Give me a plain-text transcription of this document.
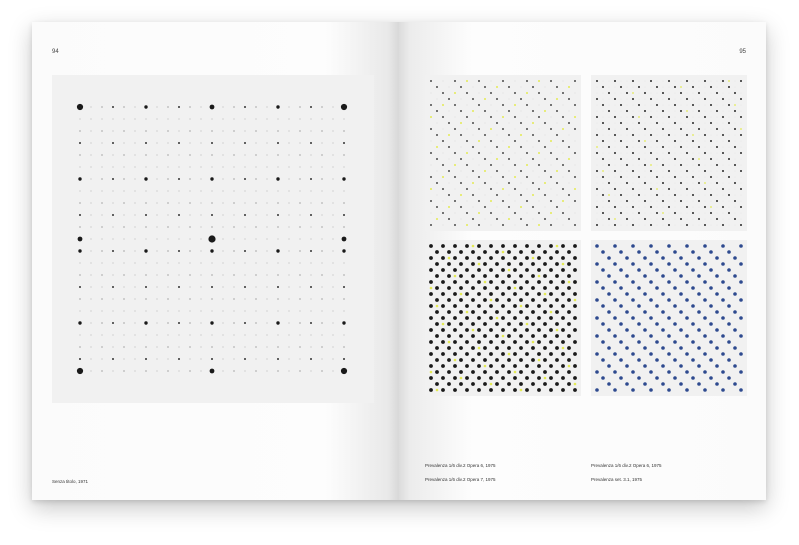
94
Senza titolo, 1971
95
Prevalenza 1/6 div.2 Opera 6, 1975
Prevalenza 1/6 div.2 Opera 7, 1975
Prevalenza 1/6 div.2 Opera 6, 1975
Prevalenza set. 3.1, 1975
